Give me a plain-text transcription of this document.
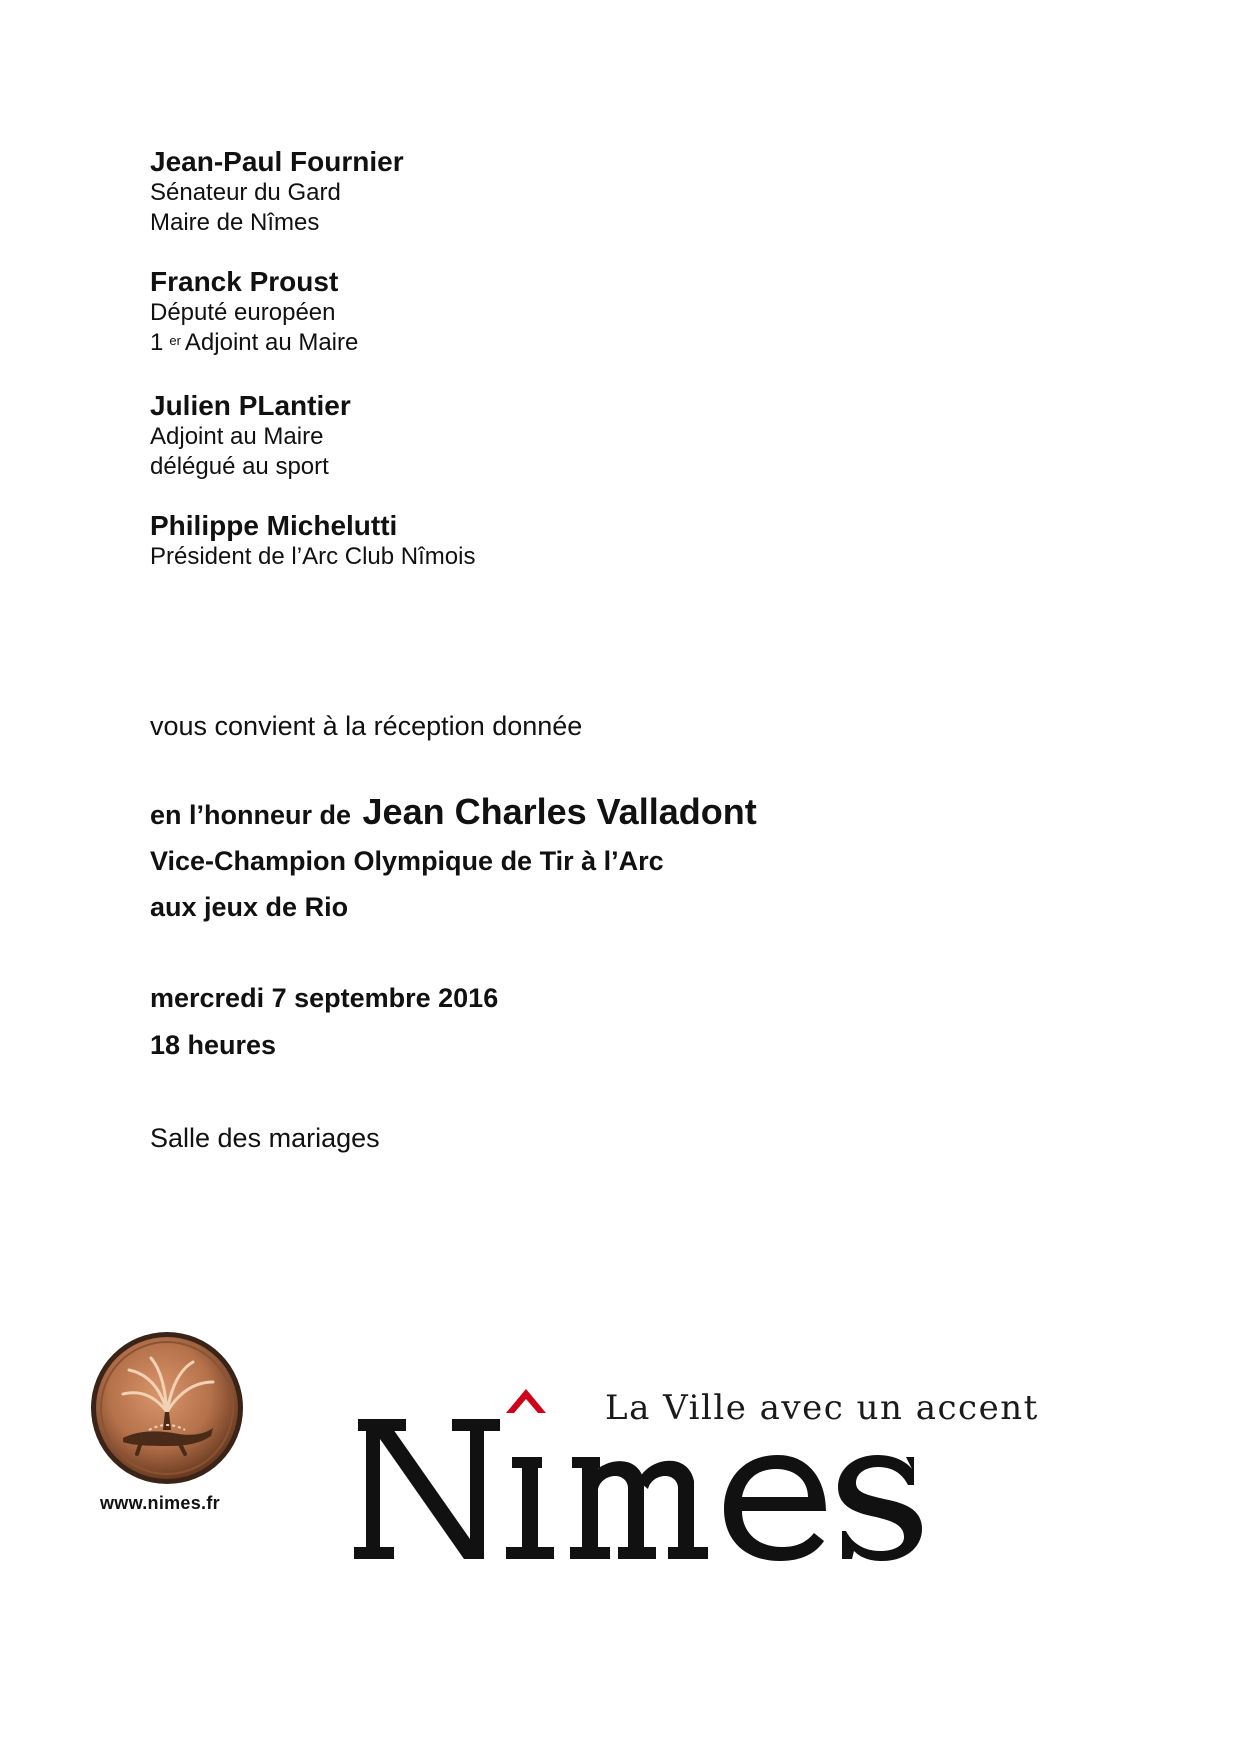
Jean-Paul Fournier

Sénateur du Gard

Maire de Nîmes

Franck Proust

Député européen

1 $^{er}$ Adjoint au Maire

Julien PLantier

Adjoint au Maire

délégué au sport

Philippe Michelutti

Président de l’Arc Club Nîmois

vous convient à la réception donnée

en l’honneur de Jean Charles Valladont

Vice-Champion Olympique de Tir à l’Arc

aux jeux de Rio

mercredi 7 septembre 2016

18 heures

Salle des mariages

www.nimes.fr
La Ville avec un accent
